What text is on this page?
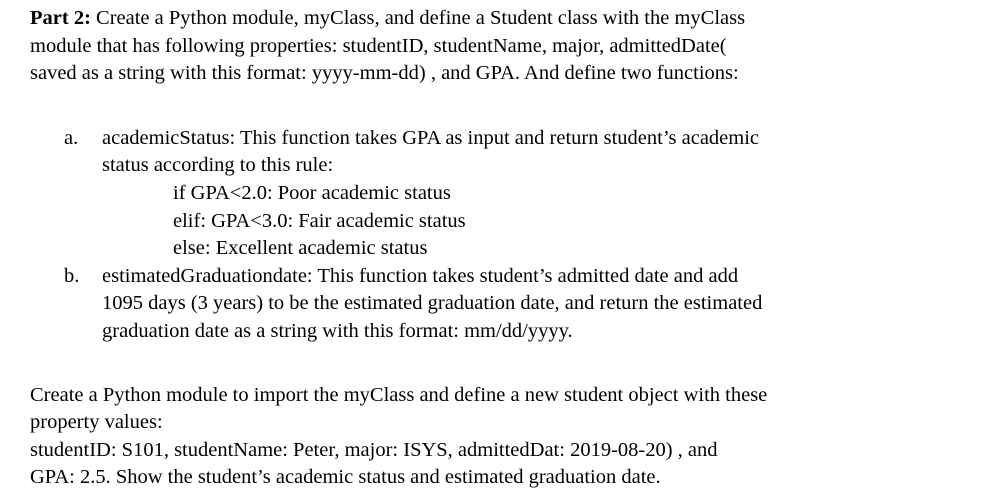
Part 2: Create a Python module, myClass, and define a Student class with the myClass
module that has following properties: studentID, studentName, major, admittedDate(
saved as a string with this format: yyyy-mm-dd) , and GPA. And define two functions:

a. academicStatus: This function takes GPA as input and return student’s academic
status according to this rule:
if GPA<2.0: Poor academic status
elif: GPA<3.0: Fair academic status
else: Excellent academic status
b. estimatedGraduationdate: This function takes student’s admitted date and add
1095 days (3 years) to be the estimated graduation date, and return the estimated
graduation date as a string with this format: mm/dd/yyyy.

Create a Python module to import the myClass and define a new student object with these
property values:
studentID: S101, studentName: Peter, major: ISYS, admittedDat: 2019-08-20) , and
GPA: 2.5. Show the student’s academic status and estimated graduation date.
